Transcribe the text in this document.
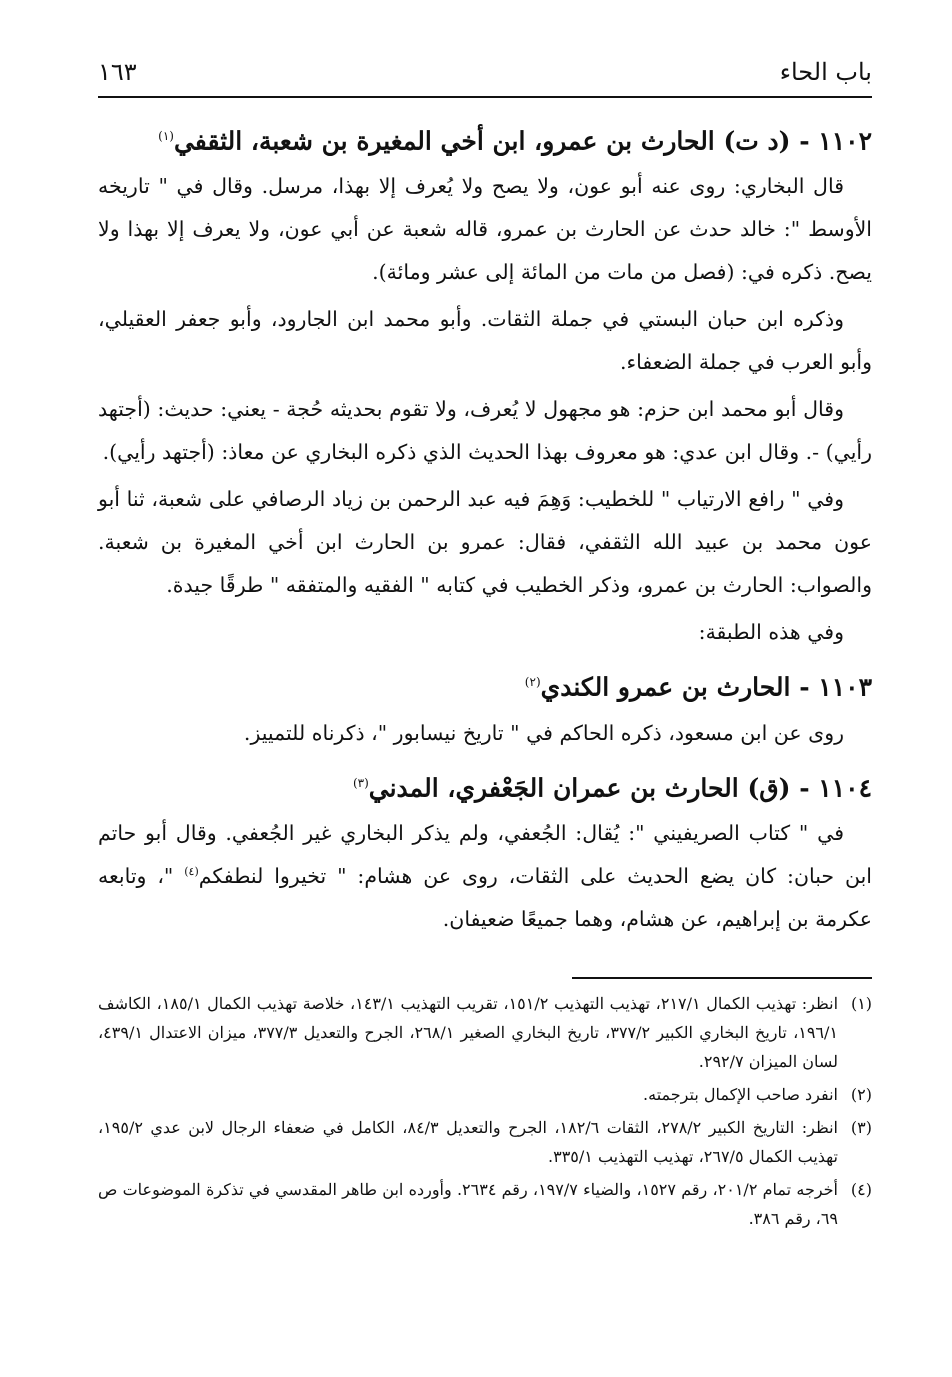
باب الحاء
١٦٣
١١٠٢ - (د ت) الحارث بن عمرو، ابن أخي المغيرة بن شعبة، الثقفي$^{(١)}$

قال البخاري: روى عنه أبو عون، ولا يصح ولا يُعرف إلا بهذا، مرسل. وقال في " تاريخه الأوسط ": خالد حدث عن الحارث بن عمرو، قاله شعبة عن أبي عون، ولا يعرف إلا بهذا ولا يصح. ذكره في: (فصل من مات من المائة إلى عشر ومائة).

وذكره ابن حبان البستي في جملة الثقات. وأبو محمد ابن الجارود، وأبو جعفر العقيلي، وأبو العرب في جملة الضعفاء.

وقال أبو محمد ابن حزم: هو مجهول لا يُعرف، ولا تقوم بحديثه حُجة - يعني: حديث: (أجتهد رأيي) -. وقال ابن عدي: هو معروف بهذا الحديث الذي ذكره البخاري عن معاذ: (أجتهد رأيي).

وفي " رافع الارتياب " للخطيب: وَهِمَ فيه عبد الرحمن بن زياد الرصافي على شعبة، ثنا أبو عون محمد بن عبيد الله الثقفي، فقال: عمرو بن الحارث ابن أخي المغيرة بن شعبة. والصواب: الحارث بن عمرو، وذكر الخطيب في كتابه " الفقيه والمتفقه " طرقًا جيدة.

وفي هذه الطبقة:

١١٠٣ - الحارث بن عمرو الكندي$^{(٢)}$

روى عن ابن مسعود، ذكره الحاكم في " تاريخ نيسابور "، ذكرناه للتمييز.

١١٠٤ - (ق) الحارث بن عمران الجَعْفري، المدني$^{(٣)}$

في " كتاب الصريفيني ": يُقال: الجُعفي، ولم يذكر البخاري غير الجُعفي. وقال أبو حاتم ابن حبان: كان يضع الحديث على الثقات، روى عن هشام: " تخيروا لنطفكم$^{(٤)}$ "، وتابعه عكرمة بن إبراهيم، عن هشام، وهما جميعًا ضعيفان.

(١)انظر: تهذيب الكمال ٢١٧/١، تهذيب التهذيب ١٥١/٢، تقريب التهذيب ١٤٣/١، خلاصة تهذيب الكمال ١٨٥/١، الكاشف ١٩٦/١، تاريخ البخاري الكبير ٣٧٧/٢، تاريخ البخاري الصغير ٢٦٨/١، الجرح والتعديل ٣٧٧/٣، ميزان الاعتدال ٤٣٩/١، لسان الميزان ٢٩٢/٧.

(٢)انفرد صاحب الإكمال بترجمته.

(٣)انظر: التاريخ الكبير ٢٧٨/٢، الثقات ١٨٢/٦، الجرح والتعديل ٨٤/٣، الكامل في ضعفاء الرجال لابن عدي ١٩٥/٢، تهذيب الكمال ٢٦٧/٥، تهذيب التهذيب ٣٣٥/١.

(٤)أخرجه تمام ٢٠١/٢، رقم ١٥٢٧، والضياء ١٩٧/٧، رقم ٢٦٣٤. وأورده ابن طاهر المقدسي في تذكرة الموضوعات ص ٦٩، رقم ٣٨٦.
